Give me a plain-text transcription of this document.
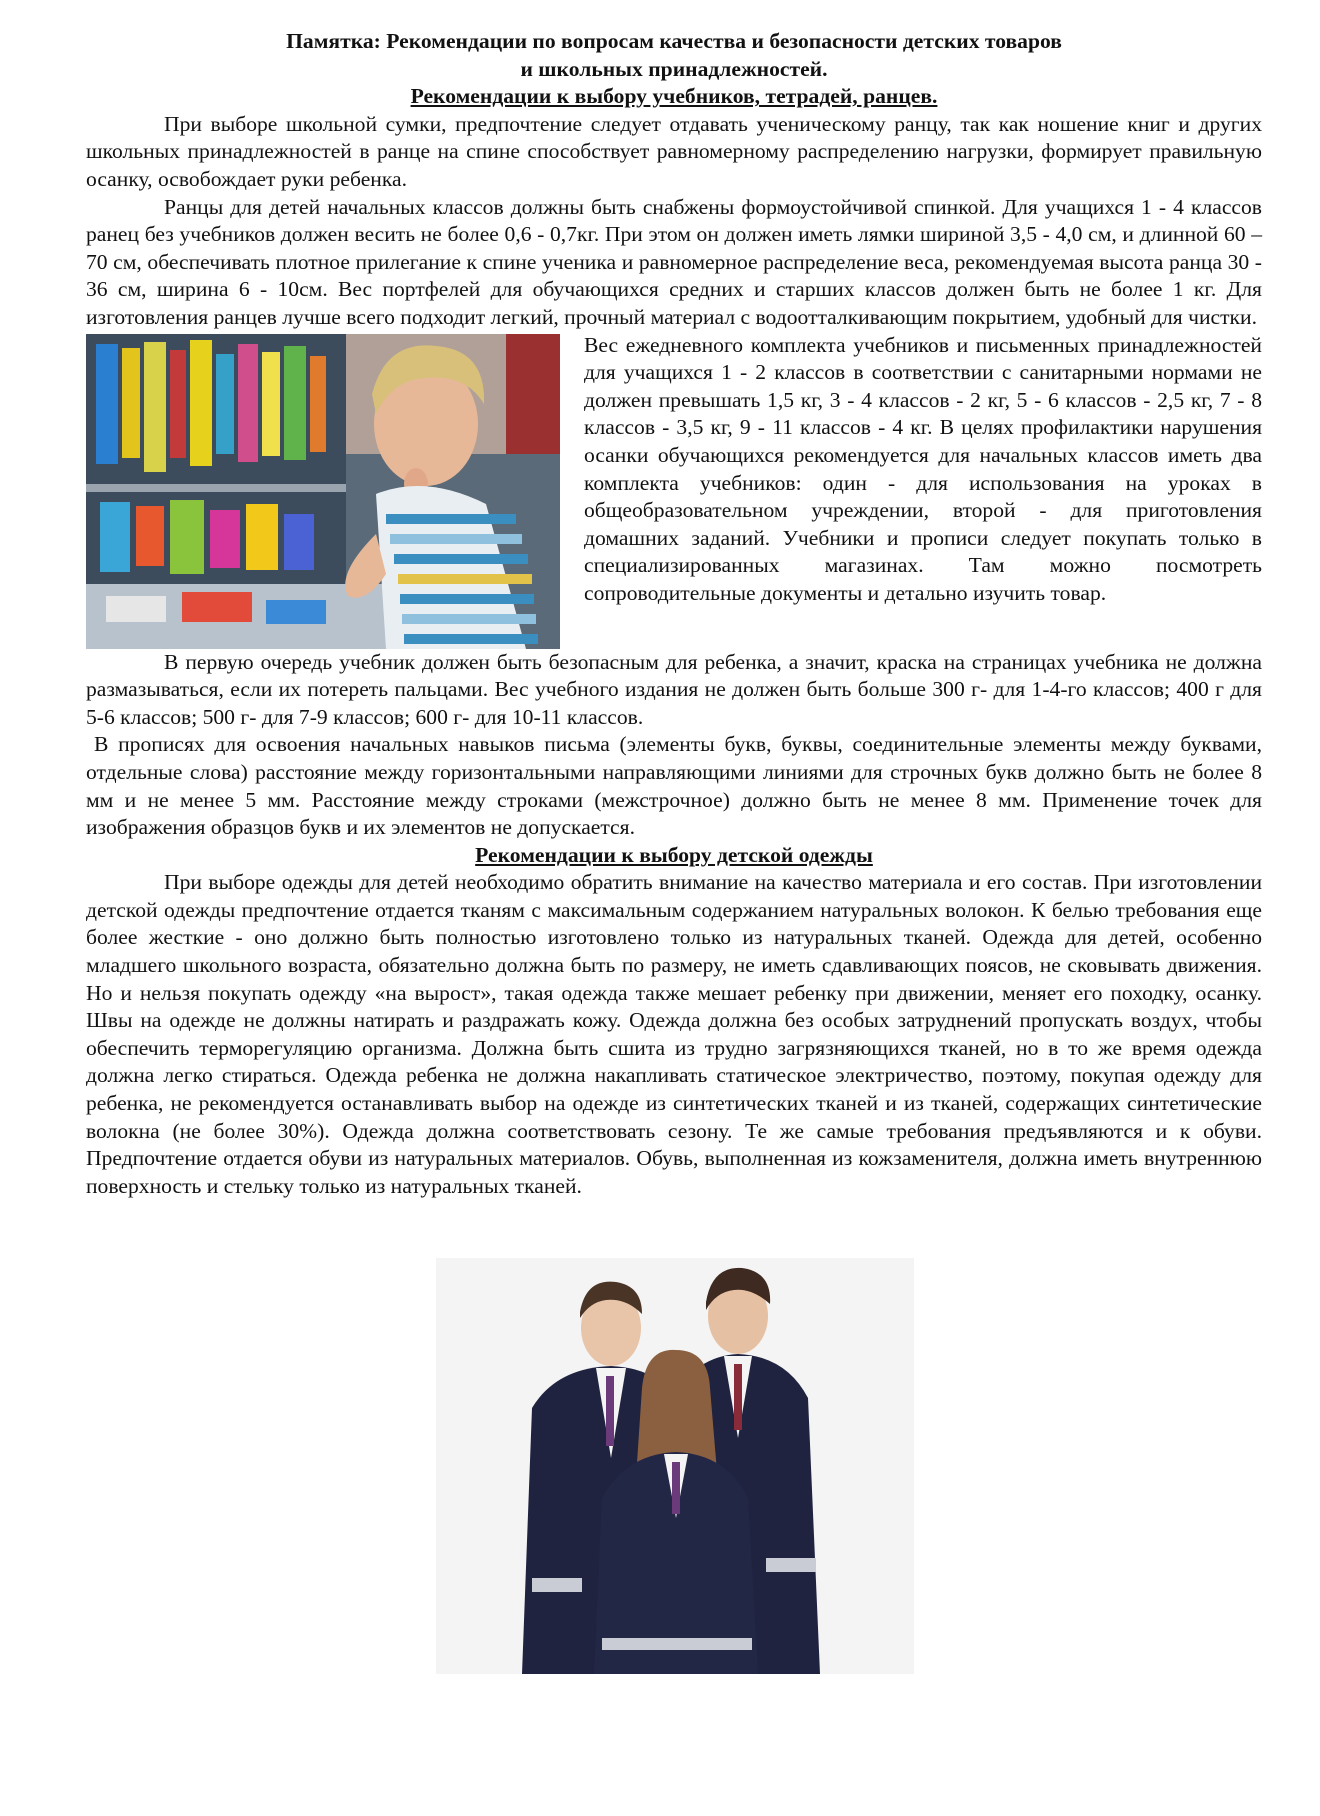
Памятка: Рекомендации по вопросам качества и безопасности детских товаров

и школьных принадлежностей.

Рекомендации к выбору учебников, тетрадей, ранцев.

При выборе школьной сумки, предпочтение следует отдавать ученическому ранцу, так как ношение книг и других школьных принадлежностей в ранце на спине способствует равномерному распределению нагрузки, формирует правильную осанку, освобождает руки ребенка.

Ранцы для детей начальных классов должны быть снабжены формоустойчивой спинкой. Для учащихся 1 - 4 классов ранец без учебников должен весить не более 0,6 - 0,7кг. При этом он должен иметь лямки шириной 3,5 - 4,0 см, и длинной 60 – 70 см, обеспечивать плотное прилегание к спине ученика и равномерное распределение веса, рекомендуемая высота ранца 30 - 36 см, ширина 6 - 10см. Вес портфелей для обучающихся средних и старших классов должен быть не более 1 кг. Для изготовления ранцев лучше всего подходит легкий, прочный материал с водоотталкивающим покрытием, удобный для чистки.

Вес ежедневного комплекта учебников и письменных принадлежностей для учащихся 1 - 2 классов в соответствии с санитарными нормами не должен превышать 1,5 кг, 3 - 4 классов - 2 кг, 5 - 6 классов - 2,5 кг, 7 - 8 классов - 3,5 кг, 9 - 11 классов - 4 кг. В целях профилактики нарушения осанки обучающихся рекомендуется для начальных классов иметь два комплекта учебников: один - для использования на уроках в общеобразовательном учреждении, второй - для приготовления домашних заданий. Учебники и прописи следует покупать только в специализированных магазинах. Там можно посмотреть сопроводительные документы и детально изучить товар.

В первую очередь учебник должен быть безопасным для ребенка, а значит, краска на страницах учебника не должна размазываться, если их потереть пальцами. Вес учебного издания не должен быть больше 300 г- для 1-4-го классов; 400 г для 5-6 классов; 500 г- для 7-9 классов; 600 г- для 10-11 классов.

В прописях для освоения начальных навыков письма (элементы букв, буквы, соединительные элементы между буквами, отдельные слова) расстояние между горизонтальными направляющими линиями для строчных букв должно быть не более 8 мм и не менее 5 мм. Расстояние между строками (межстрочное) должно быть не менее 8 мм. Применение точек для изображения образцов букв и их элементов не допускается.

Рекомендации к выбору детской одежды

При выборе одежды для детей необходимо обратить внимание на качество материала и его состав. При изготовлении детской одежды предпочтение отдается тканям с максимальным содержанием натуральных волокон. К белью требования еще более жесткие - оно должно быть полностью изготовлено только из натуральных тканей. Одежда для детей, особенно младшего школьного возраста, обязательно должна быть по размеру, не иметь сдавливающих поясов, не сковывать движения. Но и нельзя покупать одежду «на вырост», такая одежда также мешает ребенку при движении, меняет его походку, осанку. Швы на одежде не должны натирать и раздражать кожу. Одежда должна без особых затруднений пропускать воздух, чтобы обеспечить терморегуляцию организма. Должна быть сшита из трудно загрязняющихся тканей, но в то же время одежда должна легко стираться. Одежда ребенка не должна накапливать статическое электричество, поэтому, покупая одежду для ребенка, не рекомендуется останавливать выбор на одежде из синтетических тканей и из тканей, содержащих синтетические волокна (не более 30%). Одежда должна соответствовать сезону. Те же самые требования предъявляются и к обуви. Предпочтение отдается обуви из натуральных материалов. Обувь, выполненная из кожзаменителя, должна иметь внутреннюю поверхность и стельку только из натуральных тканей.
